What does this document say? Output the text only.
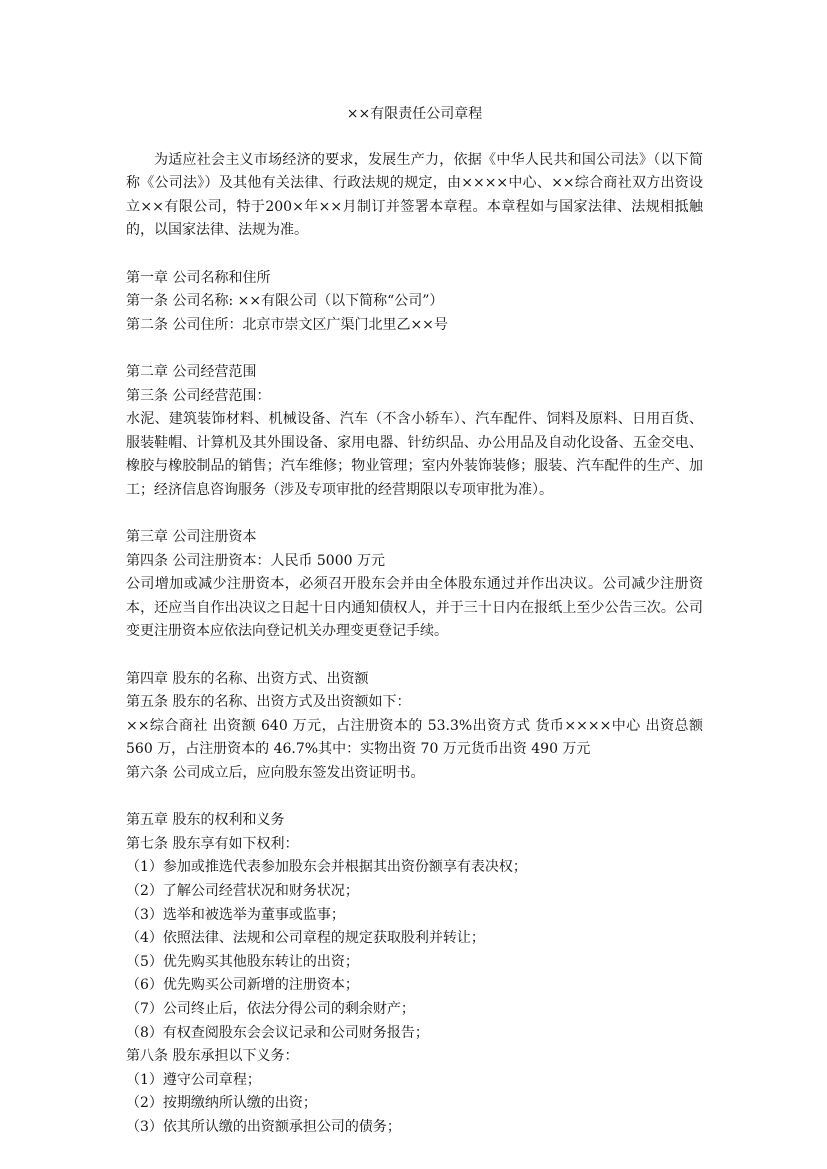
××有限责任公司章程

为适应社会主义市场经济的要求，发展生产力，依据《中华人民共和国公司法》（以下简称《公司法》）及其他有关法律、行政法规的规定，由××××中心、××综合商社双方出资设立××有限公司，特于200×年××月制订并签署本章程。本章程如与国家法律、法规相抵触的，以国家法律、法规为准。

第一章 公司名称和住所
第一条 公司名称: ××有限公司（以下简称“公司”）
第二条 公司住所：北京市崇文区广渠门北里乙××号
第二章 公司经营范围
第三条 公司经营范围：

水泥、建筑装饰材料、机械设备、汽车（不含小轿车）、汽车配件、饲料及原料、日用百货、服装鞋帽、计算机及其外围设备、家用电器、针纺织品、办公用品及自动化设备、五金交电、橡胶与橡胶制品的销售；汽车维修；物业管理；室内外装饰装修；服装、汽车配件的生产、加工；经济信息咨询服务（涉及专项审批的经营期限以专项审批为准）。

第三章 公司注册资本
第四条 公司注册资本：人民币 5000 万元

公司增加或减少注册资本，必须召开股东会并由全体股东通过并作出决议。公司减少注册资本，还应当自作出决议之日起十日内通知债权人，并于三十日内在报纸上至少公告三次。公司变更注册资本应依法向登记机关办理变更登记手续。

第四章 股东的名称、出资方式、出资额
第五条 股东的名称、出资方式及出资额如下：

××综合商社 出资额 640 万元，占注册资本的 53.3%出资方式 货币××××中心 出资总额 560 万，占注册资本的 46.7%其中：实物出资 70 万元货币出资 490 万元

第六条 公司成立后，应向股东签发出资证明书。
第五章 股东的权利和义务
第七条 股东享有如下权利：
（1）参加或推选代表参加股东会并根据其出资份额享有表决权；
（2）了解公司经营状况和财务状况；
（3）选举和被选举为董事或监事；
（4）依照法律、法规和公司章程的规定获取股利并转让；
（5）优先购买其他股东转让的出资；
（6）优先购买公司新增的注册资本；
（7）公司终止后，依法分得公司的剩余财产；
（8）有权查阅股东会会议记录和公司财务报告；
第八条 股东承担以下义务：
（1）遵守公司章程；
（2）按期缴纳所认缴的出资；
（3）依其所认缴的出资额承担公司的债务；
